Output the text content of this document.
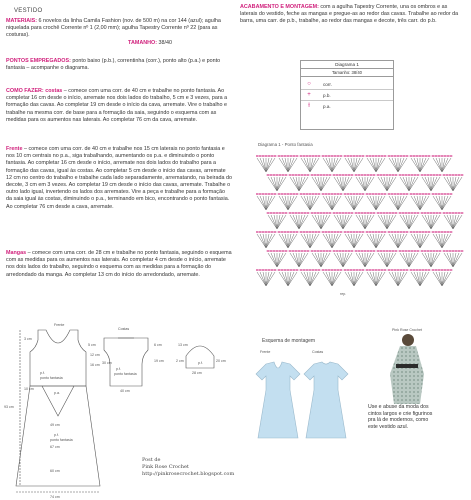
VESTIDO

MATERIAIS: 6 novelos da linha Camila Fashion (nov. de 500 m) na cor 144 (azul); agulha niquelada para crochê Corrente nº 1 (2,00 mm); agulha Tapestry Corrente nº 22 (para as costuras).

TAMANHO: 38/40

PONTOS EMPREGADOS: ponto baixo (p.b.), correntinha (corr.), ponto alto (p.a.) e ponto fantasia – acompanhe o diagrama.
COMO FAZER: costas – comece com uma corr. de 40 cm e trabalhe no ponto fantasia. Ao completar 16 cm desde o início, arremate nos dois lados do trabalho, 5 cm e 3 vezes, para a formação das cavas. Ao completar 19 cm desde o início da cava, arremate. Vire o trabalho e trabalhe na mesma corr. de base para a formação da saia, seguindo o esquema com as medidas para os aumentos nas laterais. Ao completar 76 cm da cava, arremate.
Frente – comece com uma corr. de 40 cm e trabalhe nos 15 cm laterais no ponto fantasia e nos 10 cm centrais no p.a., siga trabalhando, aumentando os p.a. e diminuindo o ponto fantasia. Ao completar 16 cm desde o início, arremate nos dois lados do trabalho para a formação das cavas, igual às costas. Ao completar 5 cm desde o início das cavas, arremate 12 cm no centro do trabalho e trabalhe cada lado separadamente, arrematando, na beirada do decote, 3 cm em 3 vezes. Ao completar 19 cm desde o início das cavas, arremate. Trabalhe o outro lado igual, invertendo os lados dos arremates. Vire a peça e trabalhe para a formação da saia igual às costas, diminuindo o p.a., terminando em bico, encontrando o ponto fantasia. Ao completar 76 cm desde a cava, arremate.
Mangas – comece com uma corr. de 28 cm e trabalhe no ponto fantasia, seguindo o esquema com as medidas para os aumentos nas laterais. Ao completar 4 cm desde o início, arremate nos dois lados do trabalho, seguindo o esquema com as medidas para a formação do arredondado da manga. Ao completar 13 cm do início do arredondado, arremate.
ACABAMENTO E MONTAGEM: com a agulha Tapestry Corrente, una os ombros e as laterais do vestido, feche as mangas e pregue-as ao redor das cavas. Trabalhe ao redor da barra, uma carr. de p.b., trabalhe, ao redor das mangas e decote, três carr. do p.b.
Diagrama 1
Tamanho: 38/40
○	corr.
+	p.b.
ƚ	p.a.
Diagrama 1 - Ponto fantasia
rep.
Frente
Costas
p.f.
p.f.
ponto fantasia
p.f.
ponto fantasia
p.a.
p.f.
ponto fantasia
49 cm
67 cm
60 cm
74 cm
93 cm
3 cm
5 cm
12 cm
16 cm
10 cm
6 cm
19 cm
40 cm
13 cm
28 cm
2 cm	20 cm
30 cm
Post de
Pink Rose Crochet
http://pinkrosecrochet.blogspot.com
Esquema de montagem
Frente	Costas
Pink Rose Crochet
Use e abuse da moda dos cintos largos e crie figurinos pra lá de modernos, como este vestido azul.
